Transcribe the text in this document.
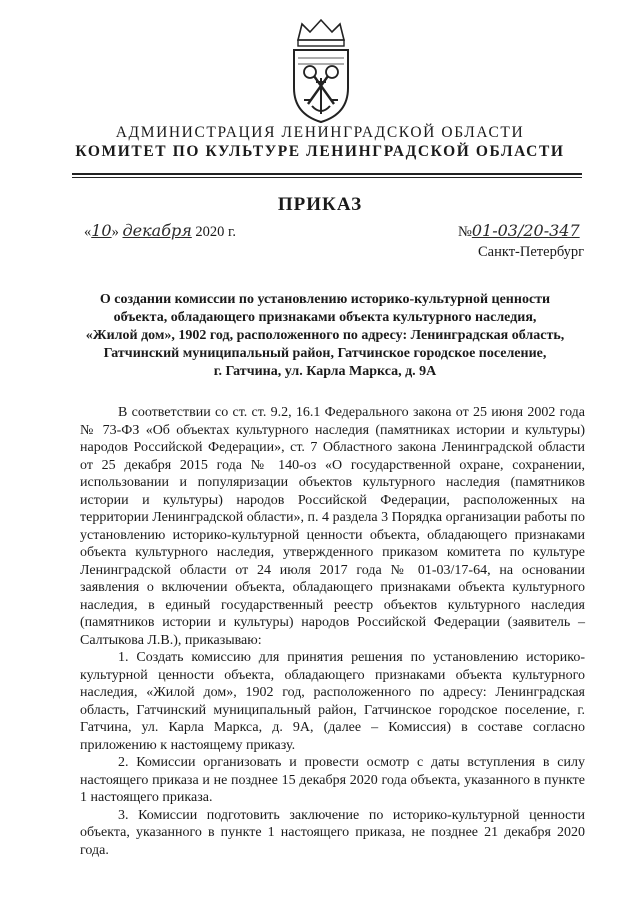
АДМИНИСТРАЦИЯ ЛЕНИНГРАДСКОЙ ОБЛАСТИ
КОМИТЕТ ПО КУЛЬТУРЕ ЛЕНИНГРАДСКОЙ ОБЛАСТИ
ПРИКАЗ
«10» декабря 2020 г.	№01-03/20-347
Санкт-Петербург
О создании комиссии по установлению историко-культурной ценности
объекта, обладающего признаками объекта культурного наследия,
«Жилой дом», 1902 год, расположенного по адресу: Ленинградская область,
Гатчинский муниципальный район, Гатчинское городское поселение,
г. Гатчина, ул. Карла Маркса, д. 9А

В соответствии со ст. ст. 9.2, 16.1 Федерального закона от 25 июня 2002 года № 73-ФЗ «Об объектах культурного наследия (памятниках истории и культуры) народов Российской Федерации», ст. 7 Областного закона Ленинградской области от 25 декабря 2015 года № 140-оз «О государственной охране, сохранении, использовании и популяризации объектов культурного наследия (памятников истории и культуры) народов Российской Федерации, расположенных на территории Ленинградской области», п. 4 раздела 3 Порядка организации работы по установлению историко-культурной ценности объекта, обладающего признаками объекта культурного наследия, утвержденного приказом комитета по культуре Ленинградской области от 24 июля 2017 года № 01-03/17-64, на основании заявления о включении объекта, обладающего признаками объекта культурного наследия, в единый государственный реестр объектов культурного наследия (памятников истории и культуры) народов Российской Федерации (заявитель – Салтыкова Л.В.), приказываю:

1. Создать комиссию для принятия решения по установлению историко-культурной ценности объекта, обладающего признаками объекта культурного наследия, «Жилой дом», 1902 год, расположенного по адресу: Ленинградская область, Гатчинский муниципальный район, Гатчинское городское поселение, г. Гатчина, ул. Карла Маркса, д. 9А, (далее – Комиссия) в составе согласно приложению к настоящему приказу.

2. Комиссии организовать и провести осмотр с даты вступления в силу настоящего приказа и не позднее 15 декабря 2020 года объекта, указанного в пункте 1 настоящего приказа.

3. Комиссии подготовить заключение по историко-культурной ценности объекта, указанного в пункте 1 настоящего приказа, не позднее 21 декабря 2020 года.
